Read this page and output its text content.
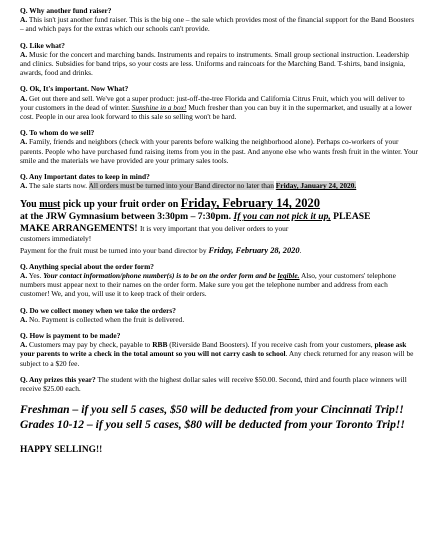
Q. Why another fund raiser?
A. This isn't just another fund raiser. This is the big one – the sale which provides most of the financial support for the Band Boosters – and which pays for the extras which our schools can't provide.
Q. Like what?
A. Music for the concert and marching bands. Instruments and repairs to instruments. Small group sectional instruction. Leadership and clinics. Subsidies for band trips, so your costs are less. Uniforms and raincoats for the Marching Band. T-shirts, band insignia, awards, food and drinks.
Q. Ok, It's important. Now What?
A. Get out there and sell. We've got a super product: just-off-the-tree Florida and California Citrus Fruit, which you will deliver to your customers in the dead of winter. Sunshine in a box! Much fresher than you can buy it in the supermarket, and usually at a lower cost. People in our area look forward to this sale so selling won't be hard.
Q. To whom do we sell?
A. Family, friends and neighbors (check with your parents before walking the neighborhood alone). Perhaps co-workers of your parents. People who have purchased fund raising items from you in the past. And anyone else who wants fresh fruit in the winter. Your smile and the materials we have provided are your primary sales tools.
Q. Any Important dates to keep in mind?
A. The sale starts now. All orders must be turned into your Band director no later than Friday, January 24, 2020.
You must pick up your fruit order on Friday, February 14, 2020
at the JRW Gymnasium between 3:30pm – 7:30pm. If you can not pick it up, PLEASE
MAKE ARRANGEMENTS! It is very important that you deliver orders to your
customers immediately!
Payment for the fruit must be turned into your band director by Friday, February 28, 2020.
Q. Anything special about the order form?
A. Yes. Your contact information/phone number(s) is to be on the order form and be legible. Also, your customers' telephone numbers must appear next to their names on the order form. Make sure you get the telephone number and address from each customer! We, and you, will use it to keep track of their orders.
Q. Do we collect money when we take the orders?
A. No. Payment is collected when the fruit is delivered.
Q. How is payment to be made?
A. Customers may pay by check, payable to RBB (Riverside Band Boosters). If you receive cash from your customers, please ask your parents to write a check in the total amount so you will not carry cash to school. Any check returned for any reason will be subject to a $20 fee.
Q. Any prizes this year? The student with the highest dollar sales will receive $50.00. Second, third and fourth place winners will receive $25.00 each.
Freshman – if you sell 5 cases, $50 will be deducted from your Cincinnati Trip!!
Grades 10-12 – if you sell 5 cases, $80 will be deducted from your Toronto Trip!!
HAPPY SELLING!!
